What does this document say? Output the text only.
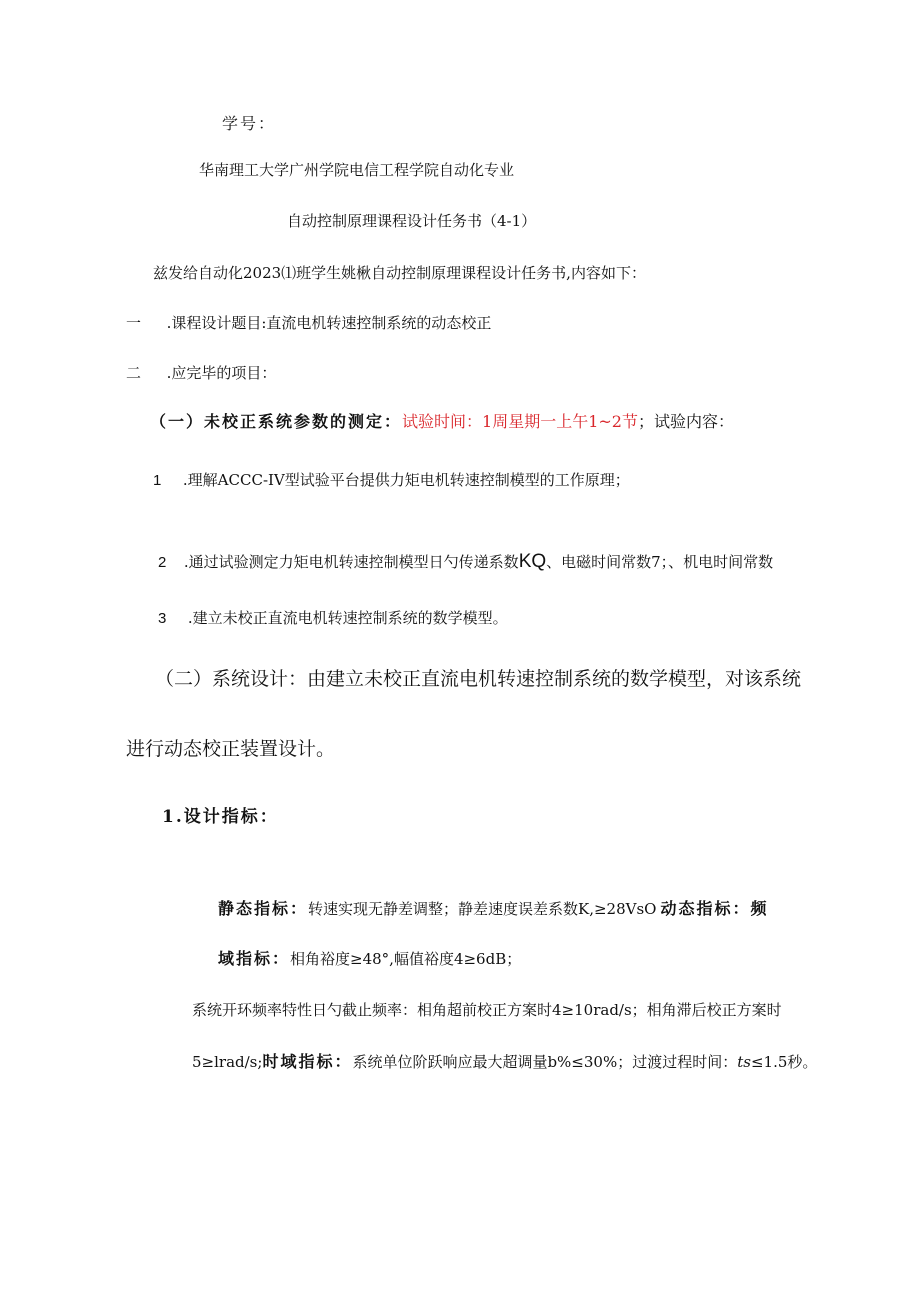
学号：
华南理工大学广州学院电信工程学院自动化专业
自动控制原理课程设计任务书（4-1）
兹发给自动化2023⑴班学生姚楸自动控制原理课程设计任务书,内容如下：
一 .课程设计题目:直流电机转速控制系统的动态校正
二 .应完毕的项目：
（一）未校正系统参数的测定：试验时间：1周星期一上午1~2节；试验内容：
1 .理解ACCC-IV型试验平台提供力矩电机转速控制模型的工作原理；
2 .通过试验测定力矩电机转速控制模型日勺传递系数KQ、电磁时间常数7；、机电时间常数
3 .建立未校正直流电机转速控制系统的数学模型。
（二）系统设计：由建立未校正直流电机转速控制系统的数学模型，对该系统
进行动态校正装置设计。
1.设计指标：
静态指标：转速实现无静差调整；静差速度误差系数K,≥28VsO 动态指标：频
域指标：相角裕度≥48°,幅值裕度4≥6dB；
系统开环频率特性日勺截止频率：相角超前校正方案时4≥10rad/s；相角滞后校正方案时
5≥lrad∕s;时域指标：系统单位阶跃响应最大超调量b%≤30%；过渡过程时间：ts≤1.5秒。
